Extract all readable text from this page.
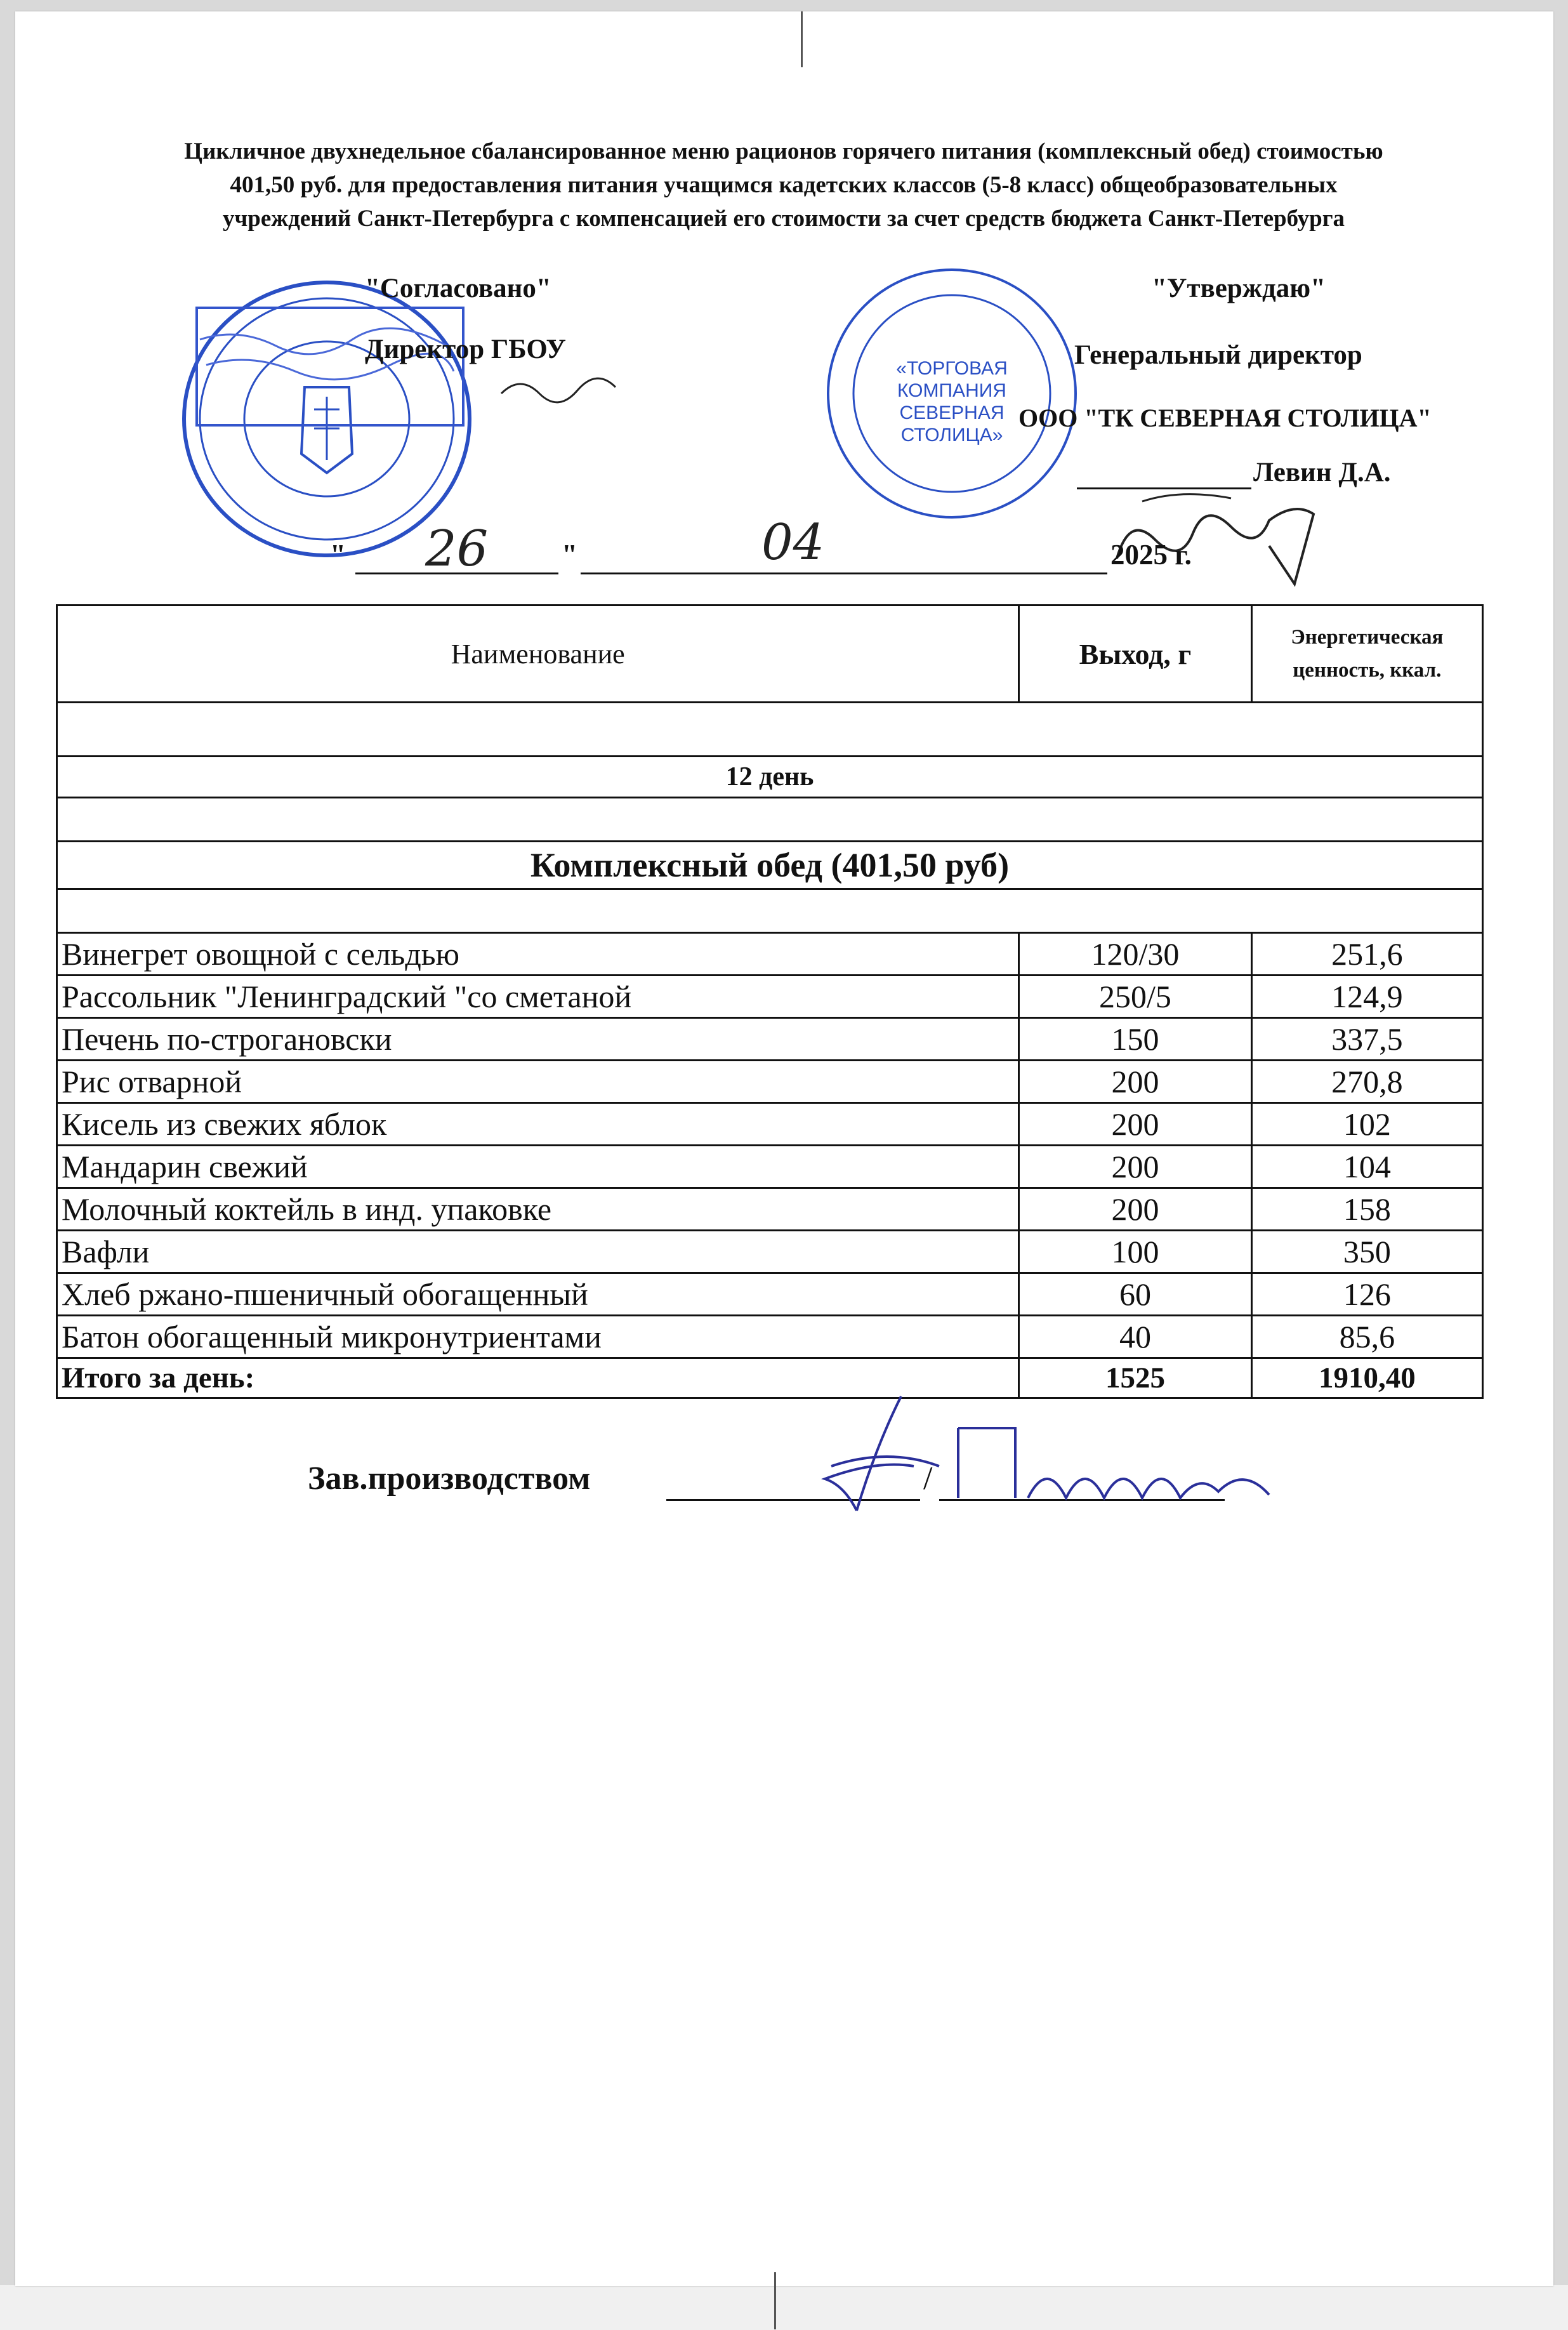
Цикличное двухнедельное сбалансированное меню рационов горячего питания (комплексный обед) стоимостью
401,50 руб. для предоставления питания учащимся кадетских классов (5-8 класс) общеобразовательных
учреждений Санкт-Петербурга с компенсацией его стоимости за счет средств бюджета Санкт-Петербурга
«ТОРГОВАЯ
КОМПАНИЯ
СЕВЕРНАЯ
СТОЛИЦА»
"Согласовано"
Директор ГБОУ
"Утверждаю"
Генеральный директор
ООО "ТК СЕВЕРНАЯ СТОЛИЦА"
Левин Д.А.
" 26	"	04	2025 г.
Наименование	Выход, г	Энергетическая
ценность, ккал.

12 день		

Комплексный обед (401,50 руб)		

Винегрет овощной с сельдью	120/30	251,6
Рассольник "Ленинградский "со сметаной	250/5	124,9
Печень по-строгановски	150	337,5
Рис отварной	200	270,8
Кисель из свежих яблок	200	102
Мандарин свежий	200	104
Молочный коктейль в инд. упаковке	200	158
Вафли	100	350
Хлеб ржано-пшеничный обогащенный	60	126
Батон обогащенный микронутриентами	40	85,6
Итого за день:	1525	1910,40
Зав.производством	/
